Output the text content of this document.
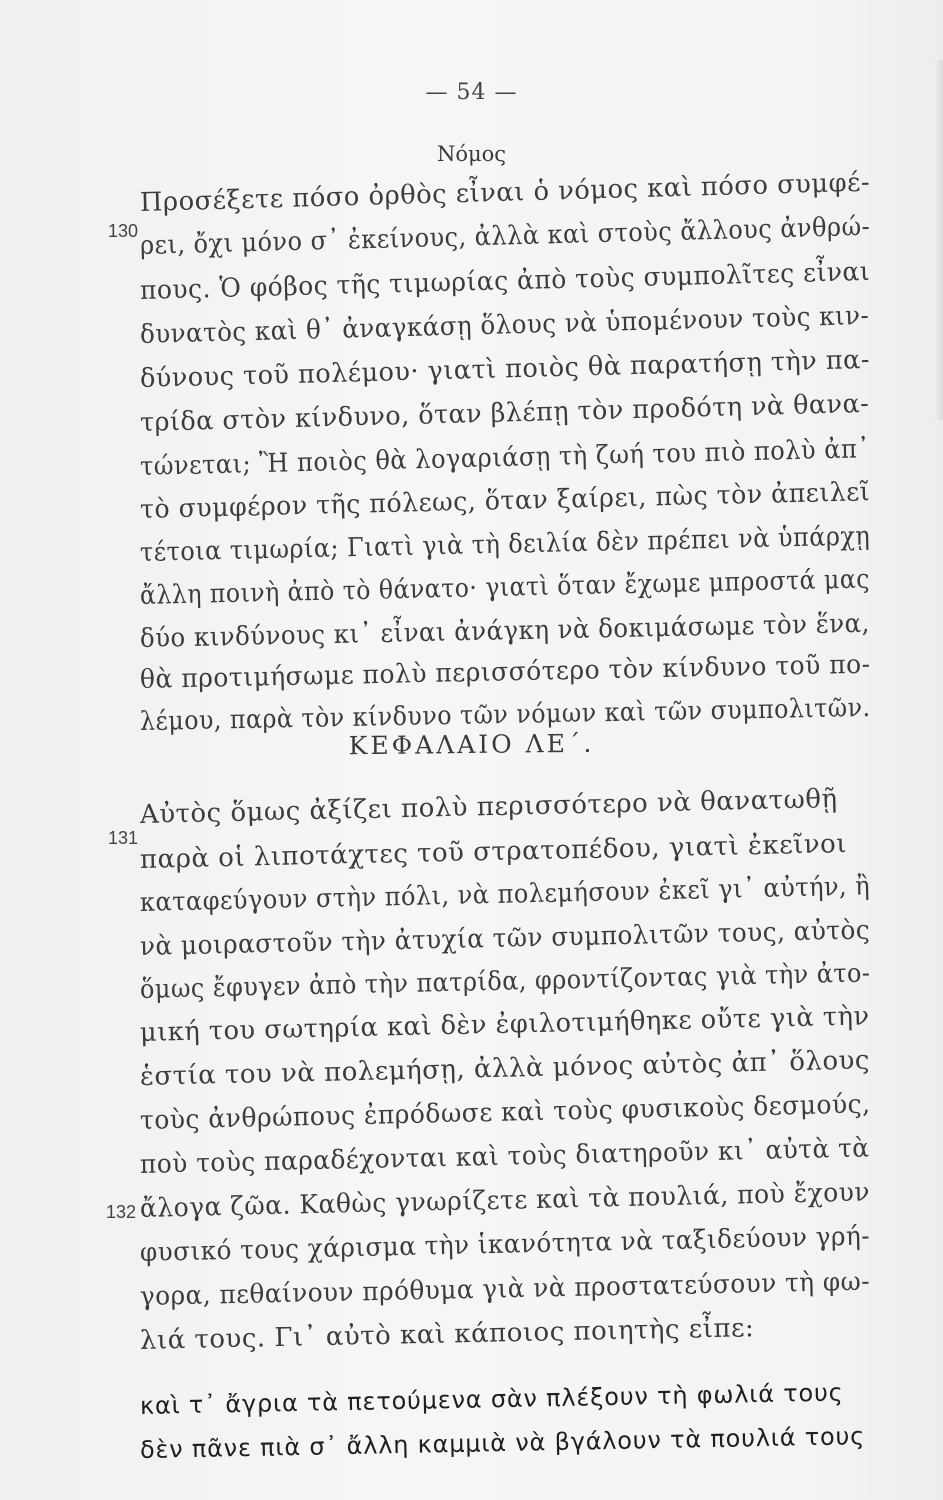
— 54 —
Νόμος
130
Προσέξετε πόσο ὀρθὸς εἶναι ὁ νόμος καὶ πόσο συμφέ-
ρει, ὄχι μόνο σ᾿ ἐκείνους, ἀλλὰ καὶ στοὺς ἄλλους ἀνθρώ-
πους. Ὁ φόβος τῆς τιμωρίας ἀπὸ τοὺς συμπολῖτες εἶναι
δυνατὸς καὶ θ᾿ ἀναγκάσῃ ὅλους νὰ ὑπομένουν τοὺς κιν-
δύνους τοῦ πολέμου· γιατὶ ποιὸς θὰ παρατήσῃ τὴν πα-
τρίδα στὸν κίνδυνο, ὅταν βλέπῃ τὸν προδότη νὰ θανα-
τώνεται; Ἢ ποιὸς θὰ λογαριάσῃ τὴ ζωή του πιὸ πολὺ ἀπ᾿
τὸ συμφέρον τῆς πόλεως, ὅταν ξαίρει, πὼς τὸν ἀπειλεῖ
τέτοια τιμωρία; Γιατὶ γιὰ τὴ δειλία δὲν πρέπει νὰ ὑπάρχῃ
ἄλλη ποινὴ ἀπὸ τὸ θάνατο· γιατὶ ὅταν ἔχωμε μπροστά μας
δύο κινδύνους κι᾿ εἶναι ἀνάγκη νὰ δοκιμάσωμε τὸν ἕνα,
θὰ προτιμήσωμε πολὺ περισσότερο τὸν κίνδυνο τοῦ πο-
λέμου, παρὰ τὸν κίνδυνο τῶν νόμων καὶ τῶν συμπολιτῶν.
ΚΕΦΑΛΑΙΟ ΛΕ΄.
131
Αὐτὸς ὅμως ἀξίζει πολὺ περισσότερο νὰ θανατωθῇ
παρὰ οἱ λιποτάχτες τοῦ στρατοπέδου, γιατὶ ἐκεῖνοι
καταφεύγουν στὴν πόλι, νὰ πολεμήσουν ἐκεῖ γι᾿ αὐτήν, ἢ
νὰ μοιραστοῦν τὴν ἀτυχία τῶν συμπολιτῶν τους, αὐτὸς
ὅμως ἔφυγεν ἀπὸ τὴν πατρίδα, φροντίζοντας γιὰ τὴν ἀτο-
μική του σωτηρία καὶ δὲν ἐφιλοτιμήθηκε οὔτε γιὰ τὴν
ἑστία του νὰ πολεμήσῃ, ἀλλὰ μόνος αὐτὸς ἀπ᾿ ὅλους
τοὺς ἀνθρώπους ἐπρόδωσε καὶ τοὺς φυσικοὺς δεσμούς,
ποὺ τοὺς παραδέχονται καὶ τοὺς διατηροῦν κι᾿ αὐτὰ τὰ
132 ἄλογα ζῶα. Καθὼς γνωρίζετε καὶ τὰ πουλιά, ποὺ ἔχουν
φυσικό τους χάρισμα τὴν ἱκανότητα νὰ ταξιδεύουν γρή-
γορα, πεθαίνουν πρόθυμα γιὰ νὰ προστατεύσουν τὴ φω-
λιά τους. Γι᾿ αὐτὸ καὶ κάποιος ποιητὴς εἶπε:
καὶ τ᾿ ἄγρια τὰ πετούμενα σὰν πλέξουν τὴ φωλιά τους
δὲν πᾶνε πιὰ σ᾿ ἄλλη καμμιὰ νὰ βγάλουν τὰ πουλιά τους
